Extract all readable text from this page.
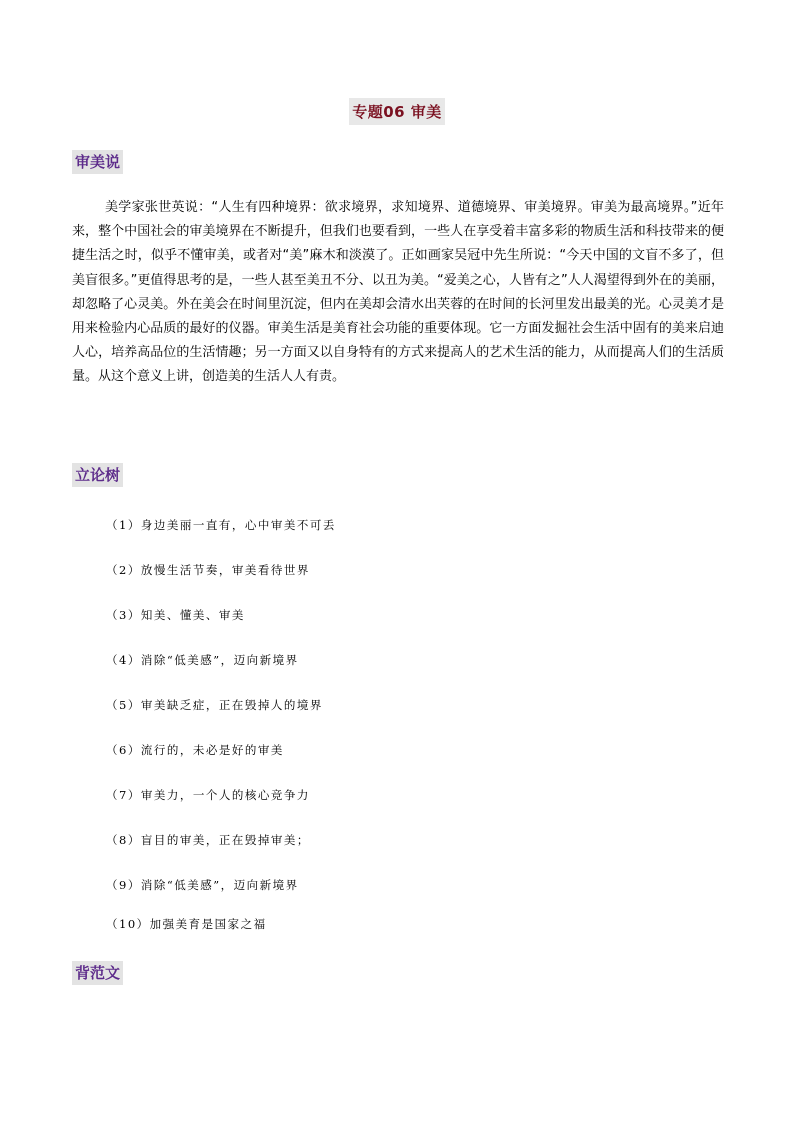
专题06 审美
审美说
美学家张世英说：“人生有四种境界：欲求境界，求知境界、道德境界、审美境界。审美为最高境界。”近年来，整个中国社会的审美境界在不断提升，但我们也要看到，一些人在享受着丰富多彩的物质生活和科技带来的便捷生活之时，似乎不懂审美，或者对“美”麻木和淡漠了。正如画家吴冠中先生所说：“今天中国的文盲不多了，但美盲很多。”更值得思考的是，一些人甚至美丑不分、以丑为美。“爱美之心，人皆有之”人人渴望得到外在的美丽，却忽略了心灵美。外在美会在时间里沉淀，但内在美却会清水出芙蓉的在时间的长河里发出最美的光。心灵美才是用来检验内心品质的最好的仪器。审美生活是美育社会功能的重要体现。它一方面发掘社会生活中固有的美来启迪人心，培养高品位的生活情趣；另一方面又以自身特有的方式来提高人的艺术生活的能力，从而提高人们的生活质量。从这个意义上讲，创造美的生活人人有责。
立论树
（1）身边美丽一直有，心中审美不可丢
（2）放慢生活节奏，审美看待世界
（3）知美、懂美、审美
（4）消除“低美感”，迈向新境界
（5）审美缺乏症，正在毁掉人的境界
（6）流行的，未必是好的审美
（7）审美力，一个人的核心竞争力
（8）盲目的审美，正在毁掉审美；
（9）消除“低美感”，迈向新境界
（10）加强美育是国家之福
背范文
